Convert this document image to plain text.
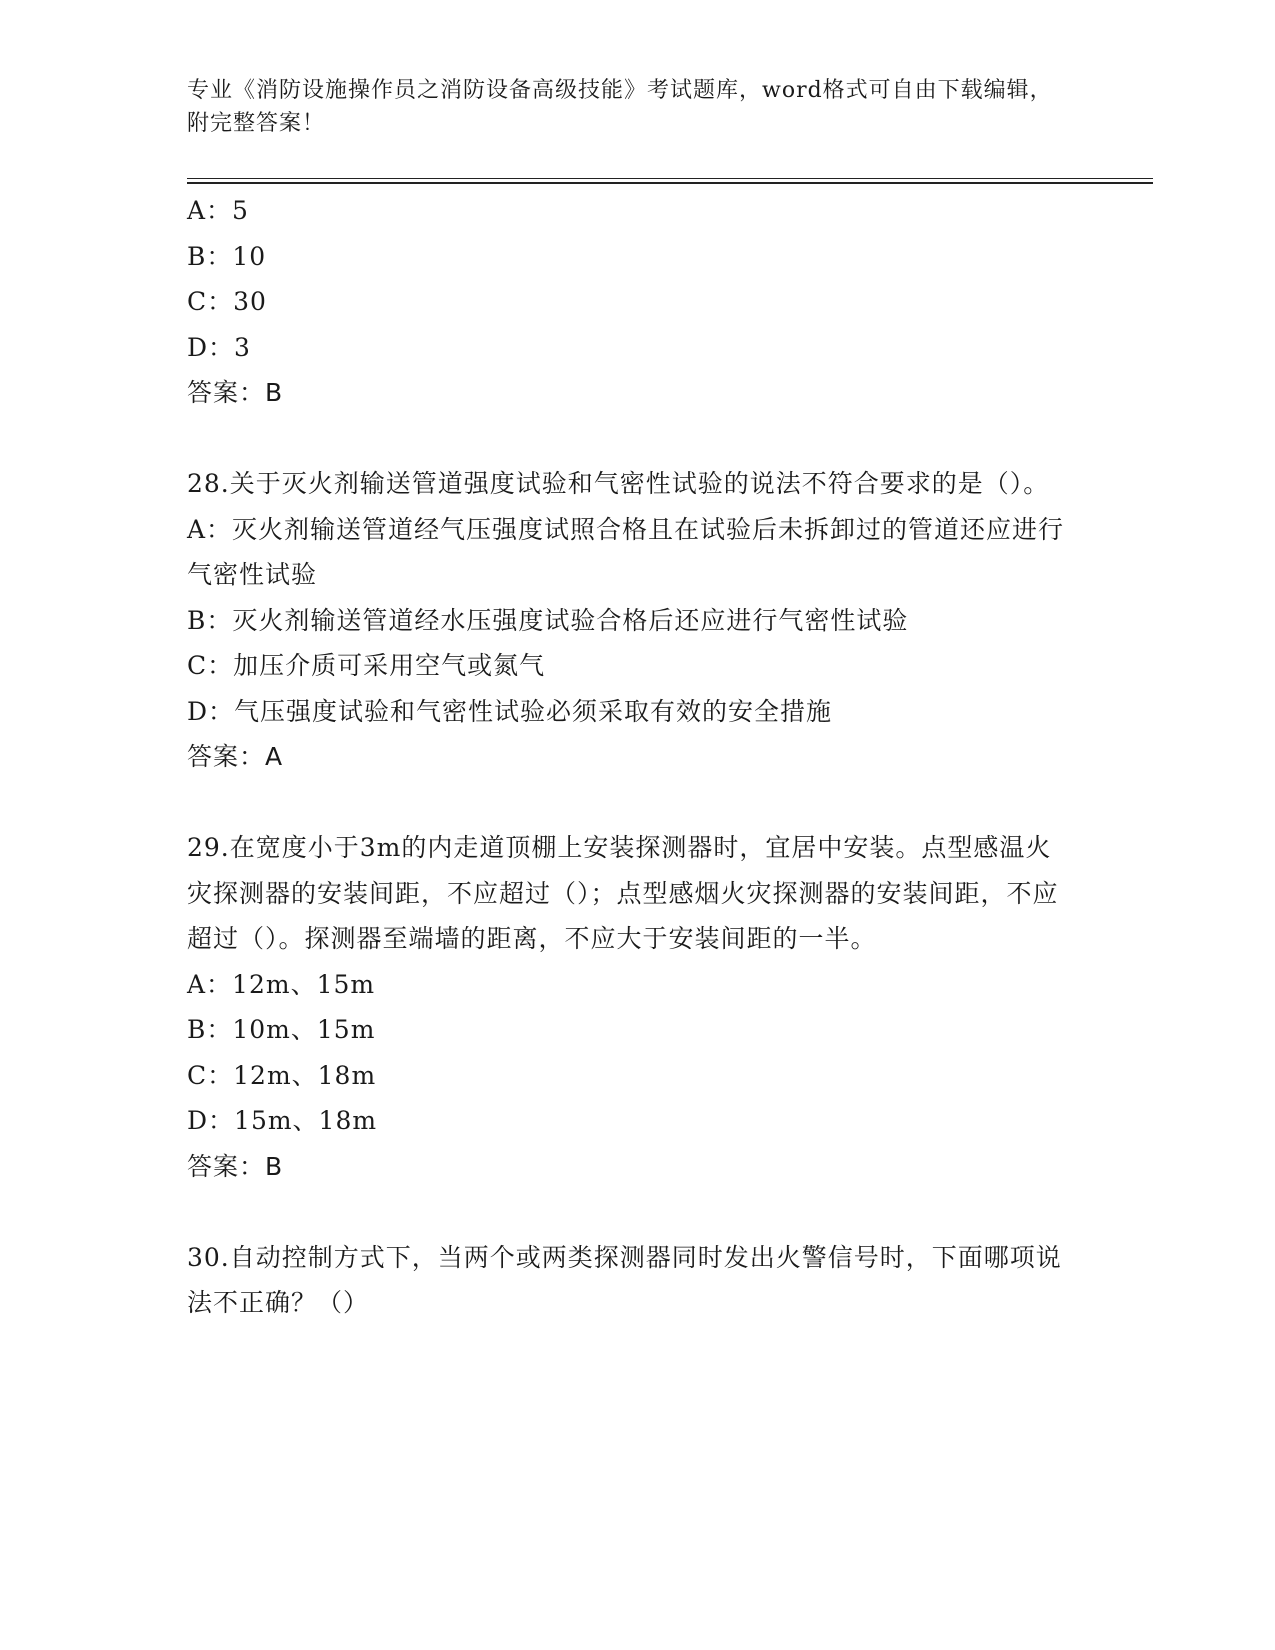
专业《消防设施操作员之消防设备高级技能》考试题库，word格式可自由下载编辑，附完整答案！
A：5
B：10
C：30
D：3
答案：B
28.关于灭火剂输送管道强度试验和气密性试验的说法不符合要求的是（）。
A：灭火剂输送管道经气压强度试照合格且在试验后未拆卸过的管道还应进行气密性试验
B：灭火剂输送管道经水压强度试验合格后还应进行气密性试验
C：加压介质可采用空气或氮气
D：气压强度试验和气密性试验必须采取有效的安全措施
答案：A
29.在宽度小于3m的内走道顶棚上安装探测器时，宜居中安装。点型感温火灾探测器的安装间距，不应超过（）；点型感烟火灾探测器的安装间距，不应超过（）。探测器至端墙的距离，不应大于安装间距的一半。
A：12m、15m
B：10m、15m
C：12m、18m
D：15m、18m
答案：B
30.自动控制方式下，当两个或两类探测器同时发出火警信号时，下面哪项说法不正确？（）
